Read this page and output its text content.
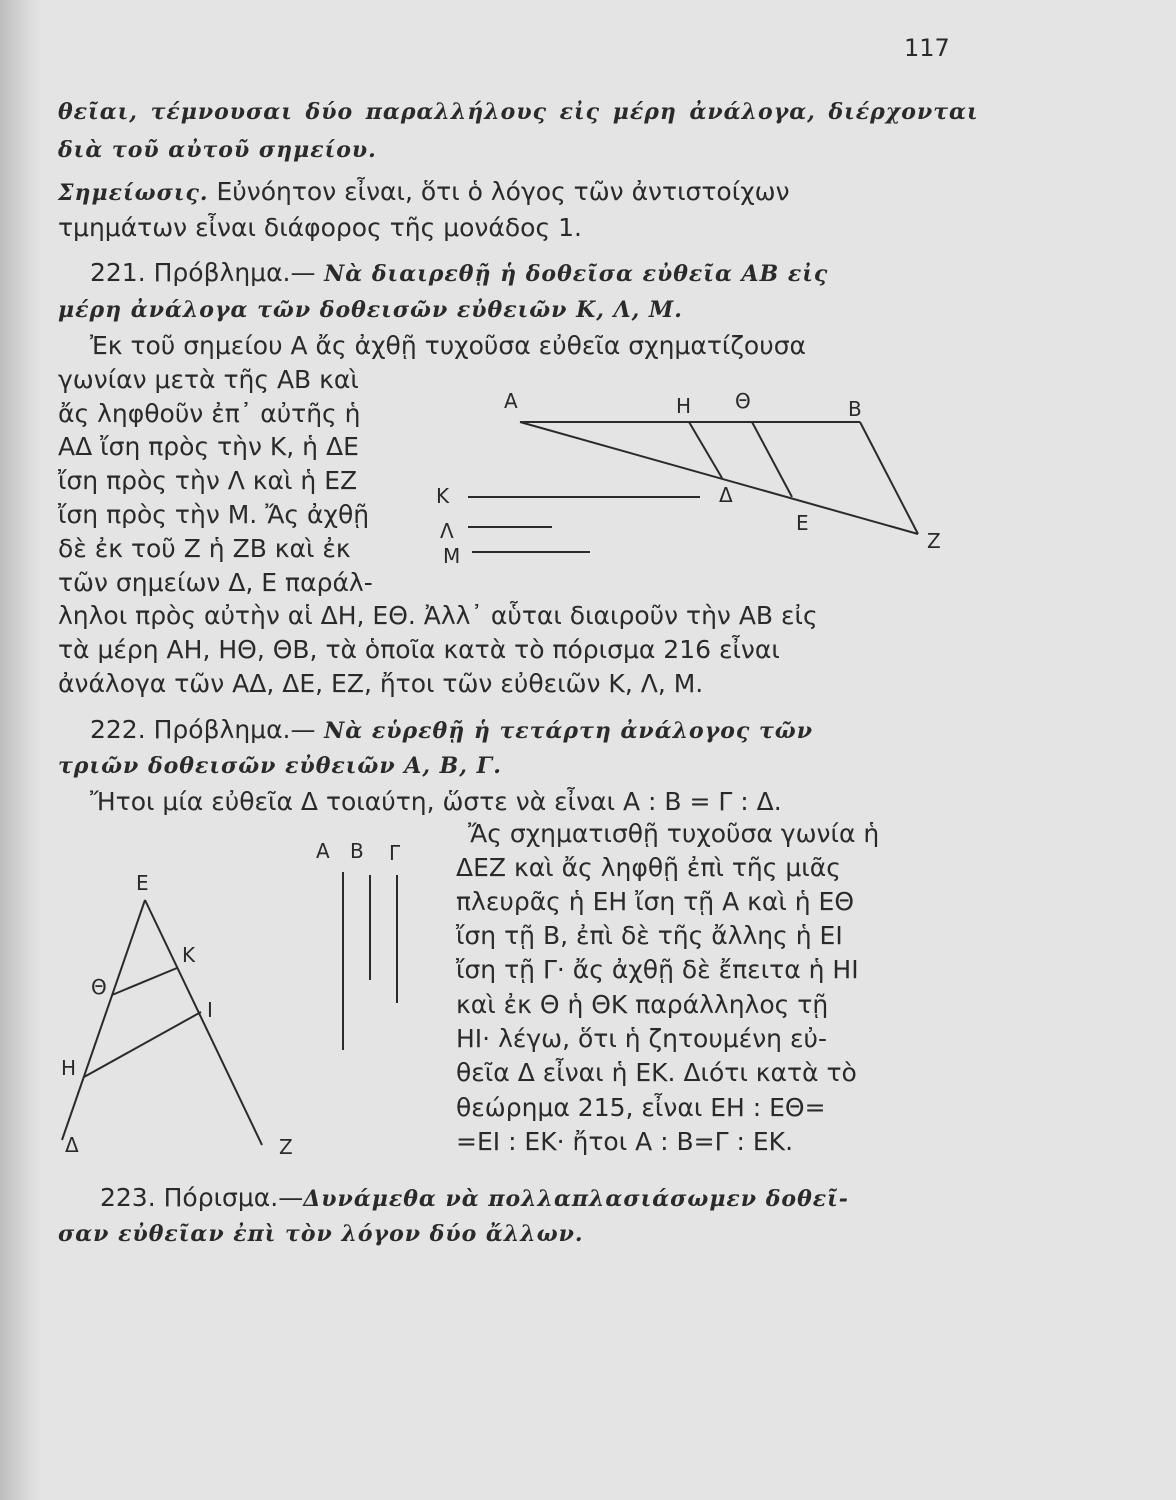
117
θεῖαι, τέμνουσαι δύο παραλλήλους εἰς μέρη ἀνάλογα, διέρχονται
διὰ τοῦ αὐτοῦ σημείου.
Σημείωσις. Εὐνόητον εἶναι, ὅτι ὁ λόγος τῶν ἀντιστοίχων
τμημάτων εἶναι διάφορος τῆς μονάδος 1.
221. Πρόβλημα.— Νὰ διαιρεθῇ ἡ δοθεῖσα εὐθεῖα ΑΒ εἰς
μέρη ἀνάλογα τῶν δοθεισῶν εὐθειῶν Κ, Λ, Μ.
Ἐκ τοῦ σημείου Α ἄς ἀχθῇ τυχοῦσα εὐθεῖα σχηματίζουσα
γωνίαν μετὰ τῆς ΑΒ καὶ
ἄς ληφθοῦν ἐπ᾽ αὐτῆς ἡ
ΑΔ ἴση πρὸς τὴν Κ, ἡ ΔΕ
ἴση πρὸς τὴν Λ καὶ ἡ ΕΖ
ἴση πρὸς τὴν Μ. Ἄς ἀχθῇ
δὲ ἐκ τοῦ Ζ ἡ ΖΒ καὶ ἐκ
τῶν σημείων Δ, Ε παράλ-
Α	Η Θ	Β
Δ
Ε
Ζ
Κ
Λ
Μ
ληλοι πρὸς αὐτὴν αἱ ΔΗ, ΕΘ. Ἀλλ᾽ αὗται διαιροῦν τὴν ΑΒ εἰς
τὰ μέρη ΑΗ, ΗΘ, ΘΒ, τὰ ὁποῖα κατὰ τὸ πόρισμα 216 εἶναι
ἀνάλογα τῶν ΑΔ, ΔΕ, ΕΖ, ἤτοι τῶν εὐθειῶν Κ, Λ, Μ.
222. Πρόβλημα.— Νὰ εὑρεθῇ ἡ τετάρτη ἀνάλογος τῶν
τριῶν δοθεισῶν εὐθειῶν Α, Β, Γ.
Ἤτοι μία εὐθεῖα Δ τοιαύτη, ὥστε νὰ εἶναι Α : Β = Γ : Δ.
Ἄς σχηματισθῇ τυχοῦσα γωνία ἡ
ΔΕΖ καὶ ἄς ληφθῇ ἐπὶ τῆς μιᾶς
πλευρᾶς ἡ ΕΗ ἴση τῇ Α καὶ ἡ ΕΘ
ἴση τῇ Β, ἐπὶ δὲ τῆς ἄλλης ἡ ΕΙ
ἴση τῇ Γ· ἄς ἀχθῇ δὲ ἔπειτα ἡ ΗΙ
καὶ ἐκ Θ ἡ ΘΚ παράλληλος τῇ
ΗΙ· λέγω, ὅτι ἡ ζητουμένη εὐ-
θεῖα Δ εἶναι ἡ ΕΚ. Διότι κατὰ τὸ
θεώρημα 215, εἶναι ΕΗ : ΕΘ=
=ΕΙ : ΕΚ· ἤτοι Α : Β=Γ : ΕΚ.
Ε
Κ
Θ
Ι
Η
Δ	Ζ
Α Β Γ
223. Πόρισμα.—Δυνάμεθα νὰ πολλαπλασιάσωμεν δοθεῖ-
σαν εὐθεῖαν ἐπὶ τὸν λόγον δύο ἄλλων.
